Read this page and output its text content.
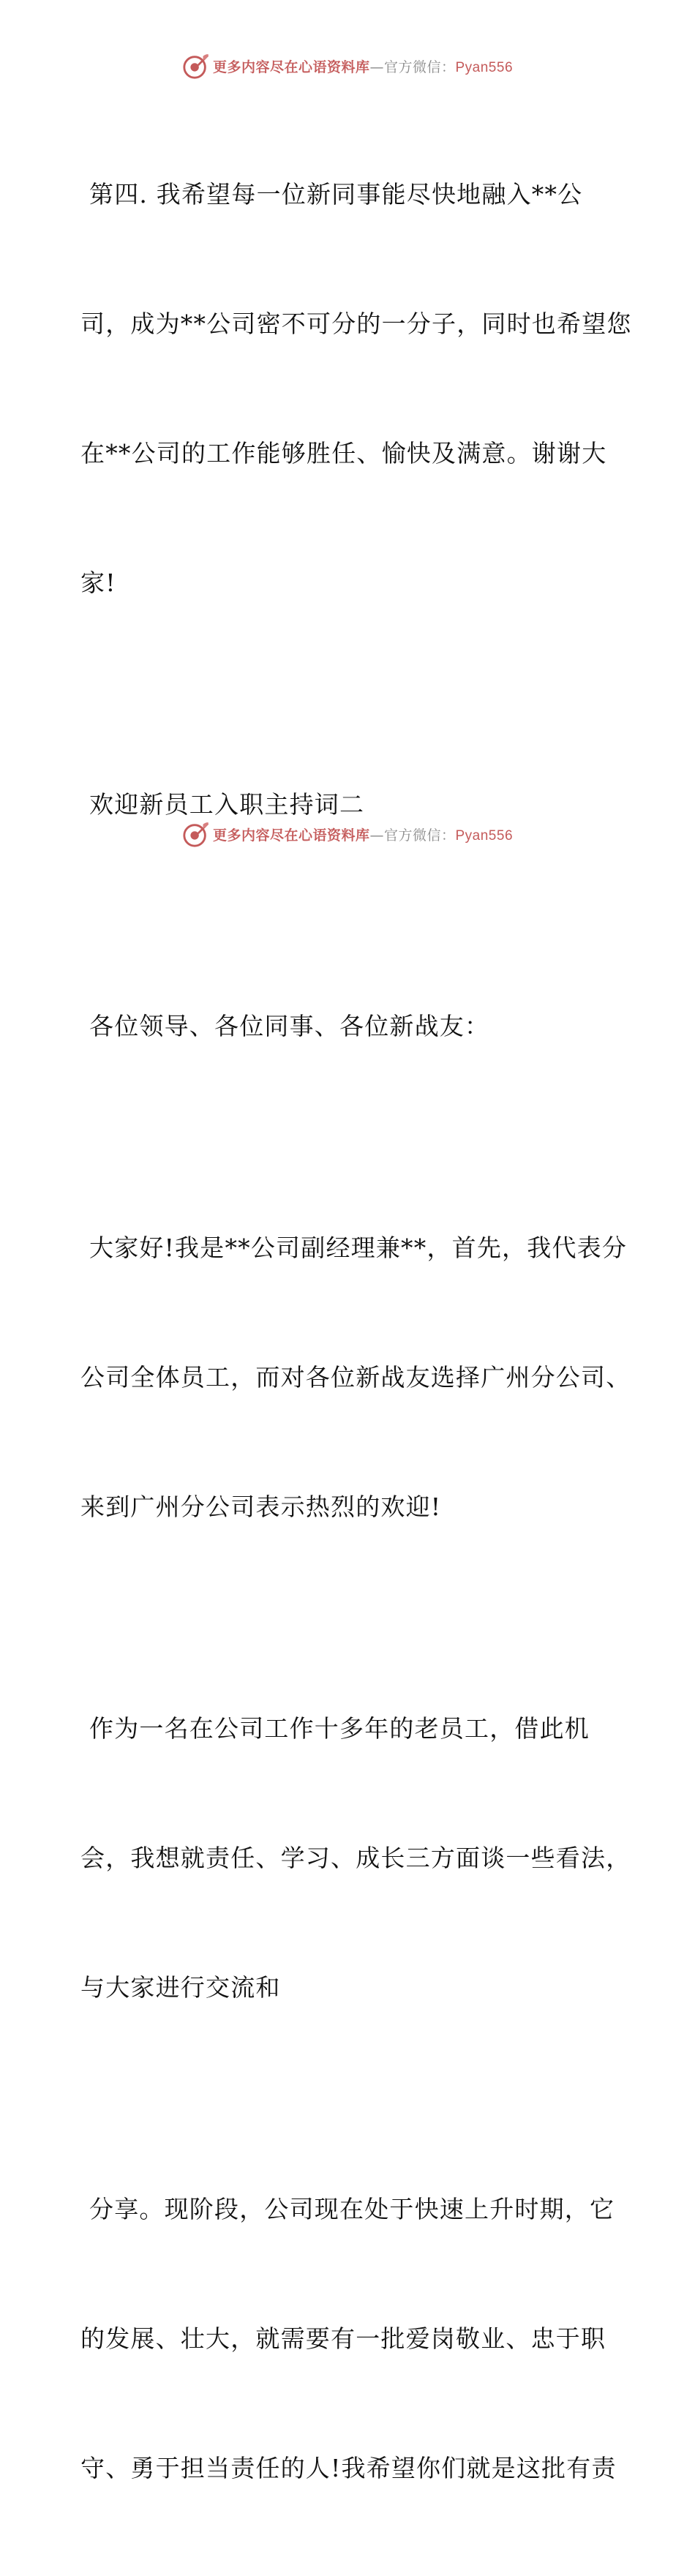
更多内容尽在心语资料库—官方微信：Pyan556

第四. 我希望每一位新同事能尽快地融入**公

司，成为**公司密不可分的一分子，同时也希望您

在**公司的工作能够胜任、愉快及满意。谢谢大

家!

欢迎新员工入职主持词二

各位领导、各位同事、各位新战友：

大家好!我是**公司副经理兼**，首先，我代表分

公司全体员工，而对各位新战友选择广州分公司、

来到广州分公司表示热烈的欢迎!

作为一名在公司工作十多年的老员工，借此机

会，我想就责任、学习、成长三方面谈一些看法，

与大家进行交流和

分享。现阶段，公司现在处于快速上升时期，它

的发展、壮大，就需要有一批爱岗敬业、忠于职

守、勇于担当责任的人!我希望你们就是这批有责

更多内容尽在心语资料库—官方微信：Pyan556
